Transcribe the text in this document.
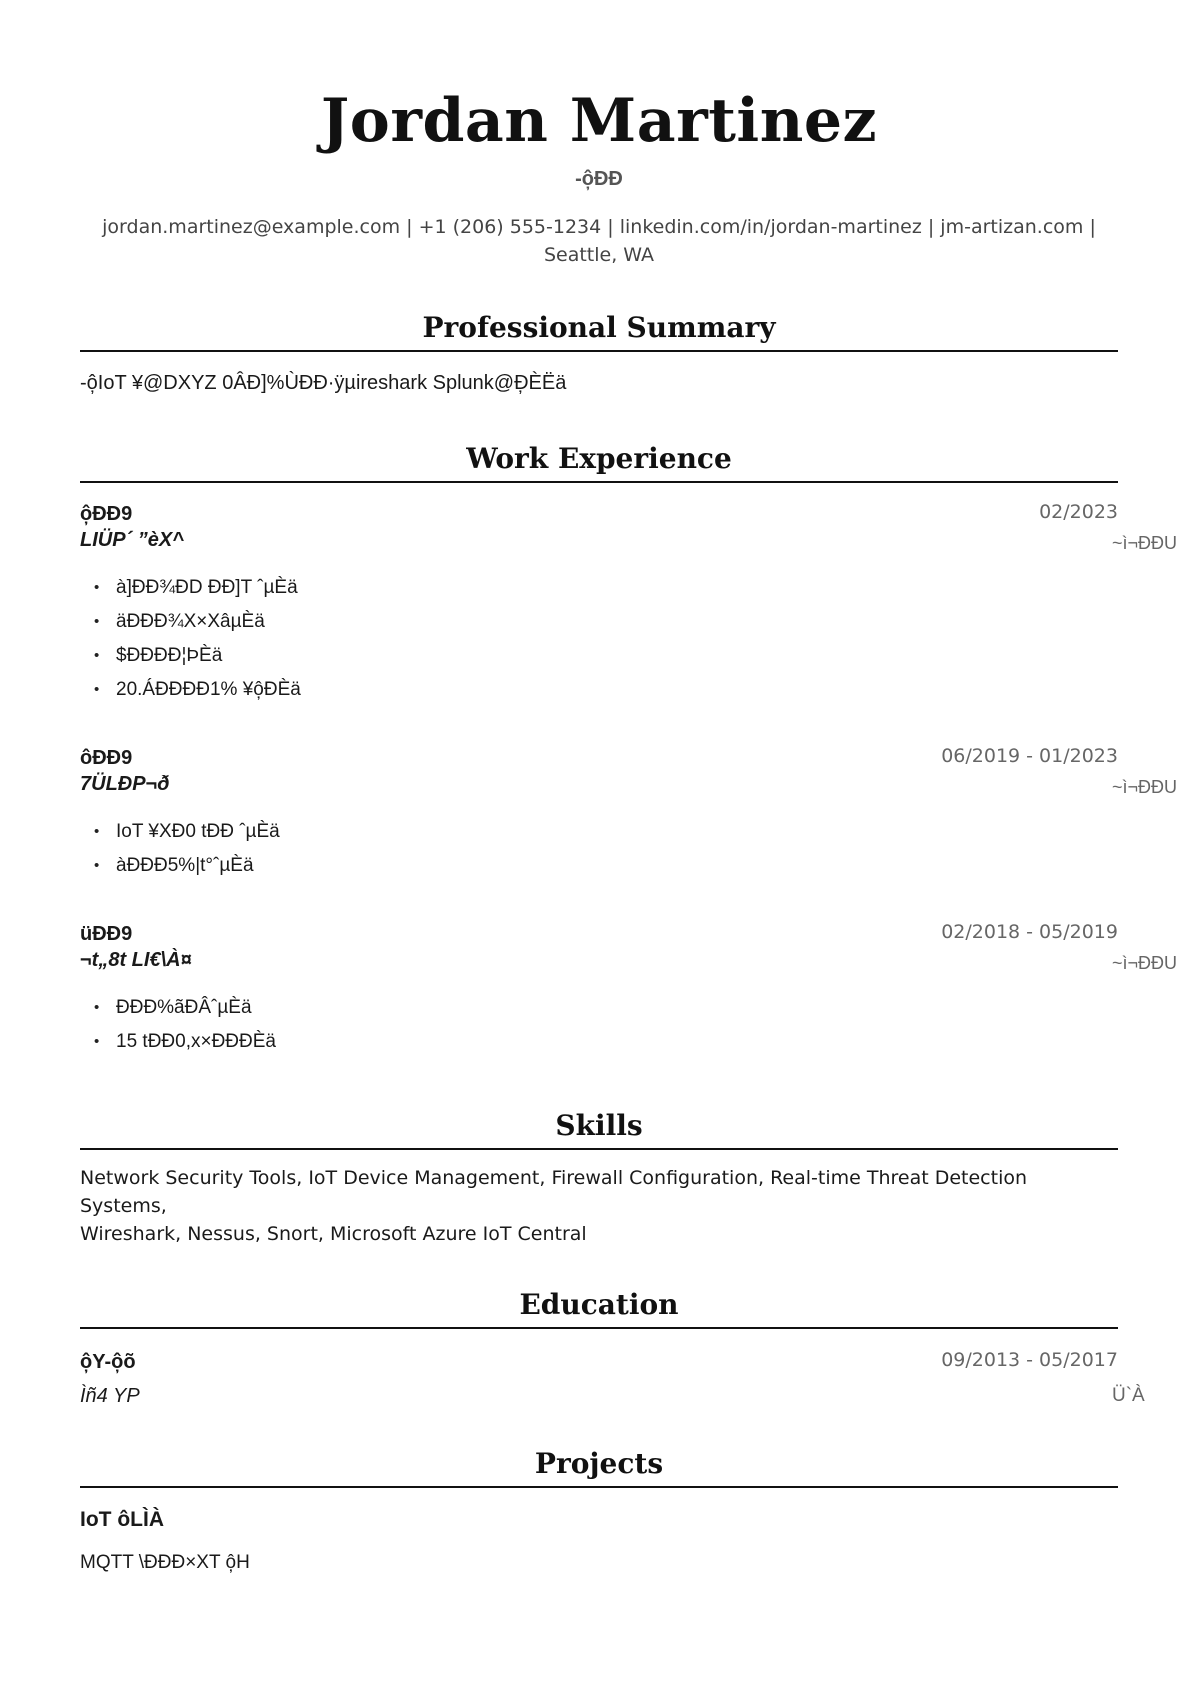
Jordan Martinez
-ô̦ĐĐ
jordan.martinez@example.com | +1 (206) 555-1234 | linkedin.com/in/jordan-martinez | jm-artizan.com |
Seattle, WA
Professional Summary
-ô̦IoT ¥@DXYZ 0ÂĐ]%ÙĐĐ·ÿµireshark Splunk@Ð̦ÈËä
Work Experience
ô̦ĐÐ9	02/2023
LIÜP´ ”èX^	~ì¬ĐĐU
• à]ĐĐ¾ĐD ĐĐ]T ˆµÈä
• äĐĐĐ¾X×XâµÈä
• $ĐĐĐĐ¦ÞÈä
• 20.ÁĐĐĐĐ1% ¥ô̦ĐÈä
ôĐĐ9	06/2019 - 01/2023
7ÜLĐP¬ð	~ì¬ĐĐU
• IoT ¥XĐ0 tĐĐ ˆµÈä
• àĐĐĐ5%|t°ˆµÈä
üĐĐ9	02/2018 - 05/2019
¬t„8t LI€\À¤	~ì¬ĐĐU
• ĐĐĐ%ãĐÂˆµÈä
• 15 tĐĐ0,x×ĐĐĐÈä
Skills
Network Security Tools, IoT Device Management, Firewall Configuration, Real-time Threat Detection Systems,
Wireshark, Nessus, Snort, Microsoft Azure IoT Central
Education
ô̦Y-ô̦õ	09/2013 - 05/2017
Ìñ4 YP	Ü`À
Projects
IoT ôLÌÀ
MQTT \ĐĐĐ×XT ô̦H
